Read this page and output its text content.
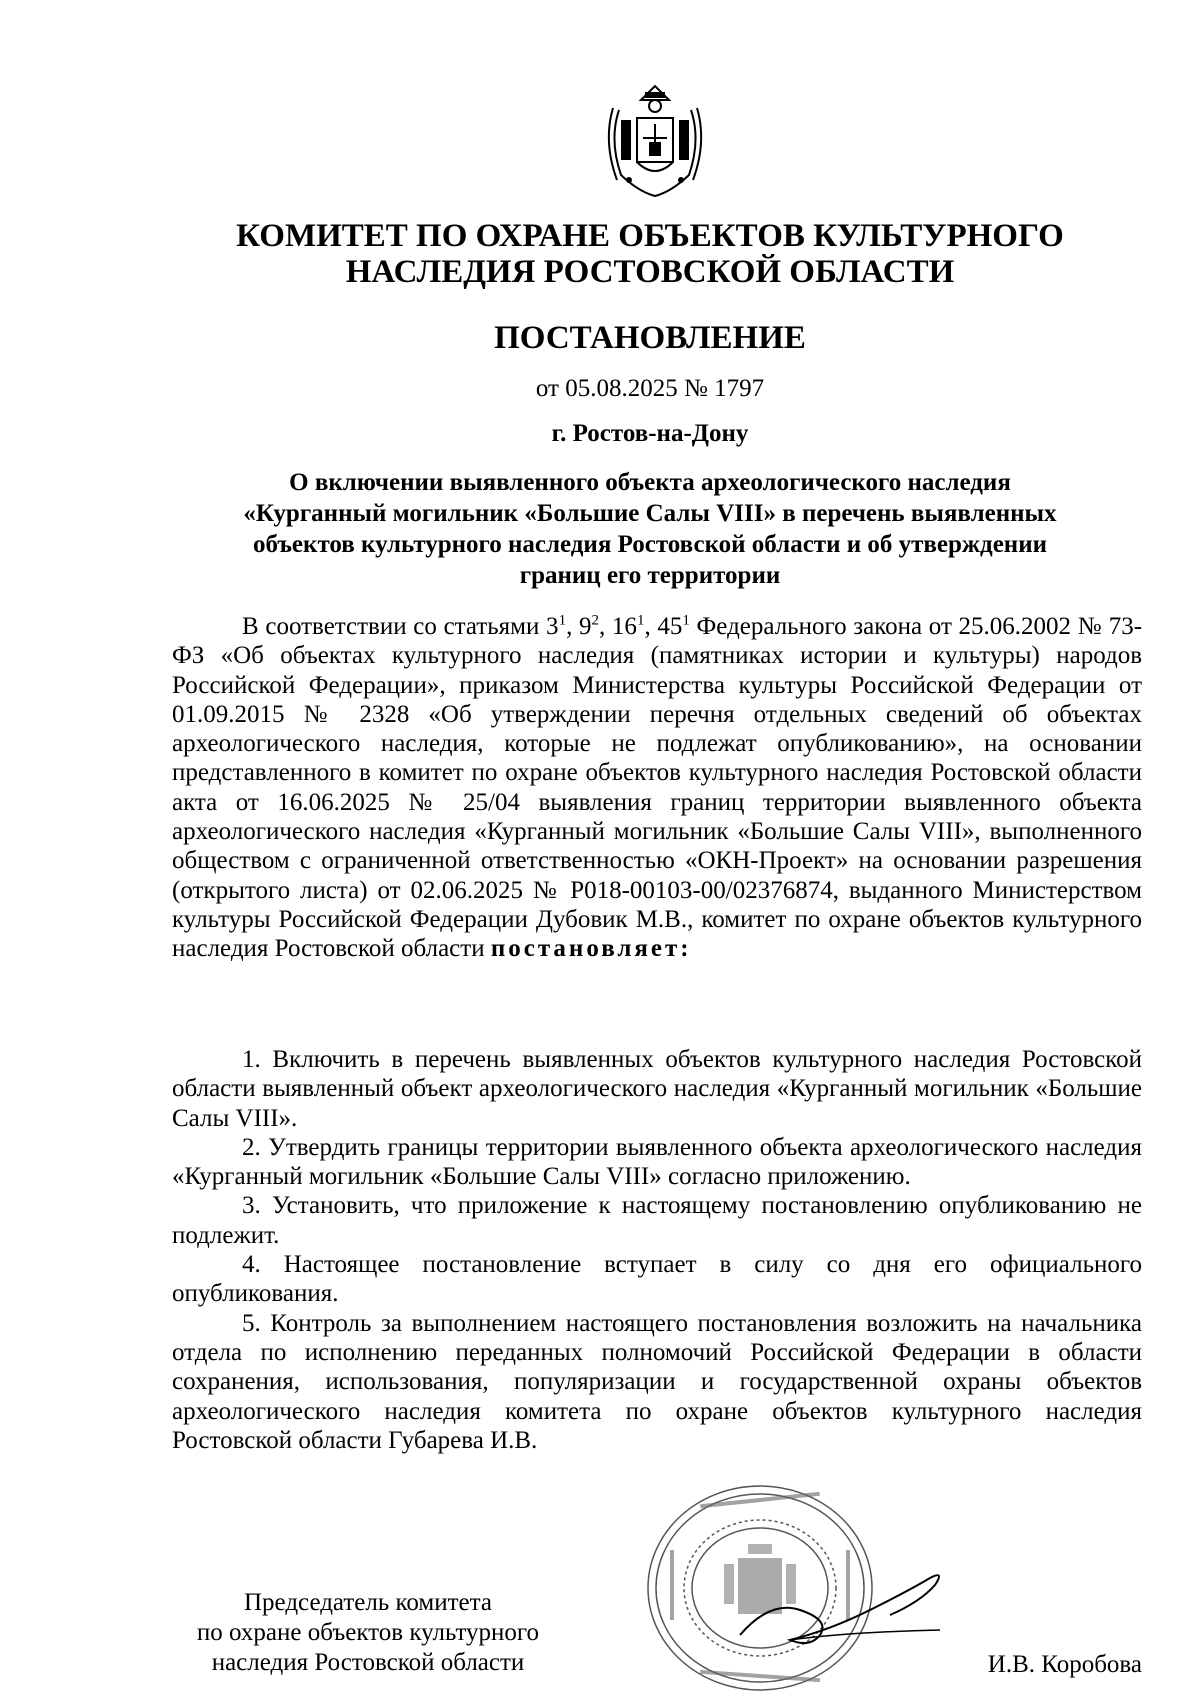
КОМИТЕТ ПО ОХРАНЕ ОБЪЕКТОВ КУЛЬТУРНОГО
НАСЛЕДИЯ РОСТОВСКОЙ ОБЛАСТИ
ПОСТАНОВЛЕНИЕ
от 05.08.2025 № 1797
г. Ростов-на-Дону
О включении выявленного объекта археологического наследия
«Курганный могильник «Большие Салы VIII» в перечень выявленных
объектов культурного наследия Ростовской области и об утверждении
границ его территории

В соответствии со статьями $3^1$, $9^2$, $16^1$, $45^1$ Федерального закона от 25.06.2002 № 73-ФЗ «Об объектах культурного наследия (памятниках истории и культуры) народов Российской Федерации», приказом Министерства культуры Российской Федерации от 01.09.2015 № 2328 «Об утверждении перечня отдельных сведений об объектах археологического наследия, которые не подлежат опубликованию», на основании представленного в комитет по охране объектов культурного наследия Ростовской области акта от 16.06.2025 № 25/04 выявления границ территории выявленного объекта археологического наследия «Курганный могильник «Большие Салы VIII», выполненного обществом с ограниченной ответственностью «ОКН-Проект» на основании разрешения (открытого листа) от 02.06.2025 № Р018-00103-00/02376874, выданного Министерством культуры Российской Федерации Дубовик М.В., комитет по охране объектов культурного наследия Ростовской области постановляет:

1. Включить в перечень выявленных объектов культурного наследия Ростовской области выявленный объект археологического наследия «Курганный могильник «Большие Салы VIII».

2. Утвердить границы территории выявленного объекта археологического наследия «Курганный могильник «Большие Салы VIII» согласно приложению.

3. Установить, что приложение к настоящему постановлению опубликованию не подлежит.

4. Настоящее постановление вступает в силу со дня его официального опубликования.

5. Контроль за выполнением настоящего постановления возложить на начальника отдела по исполнению переданных полномочий Российской Федерации в области сохранения, использования, популяризации и государственной охраны объектов археологического наследия комитета по охране объектов культурного наследия Ростовской области Губарева И.В.

Председатель комитета
по охране объектов культурного
наследия Ростовской области	И.В. Коробова
